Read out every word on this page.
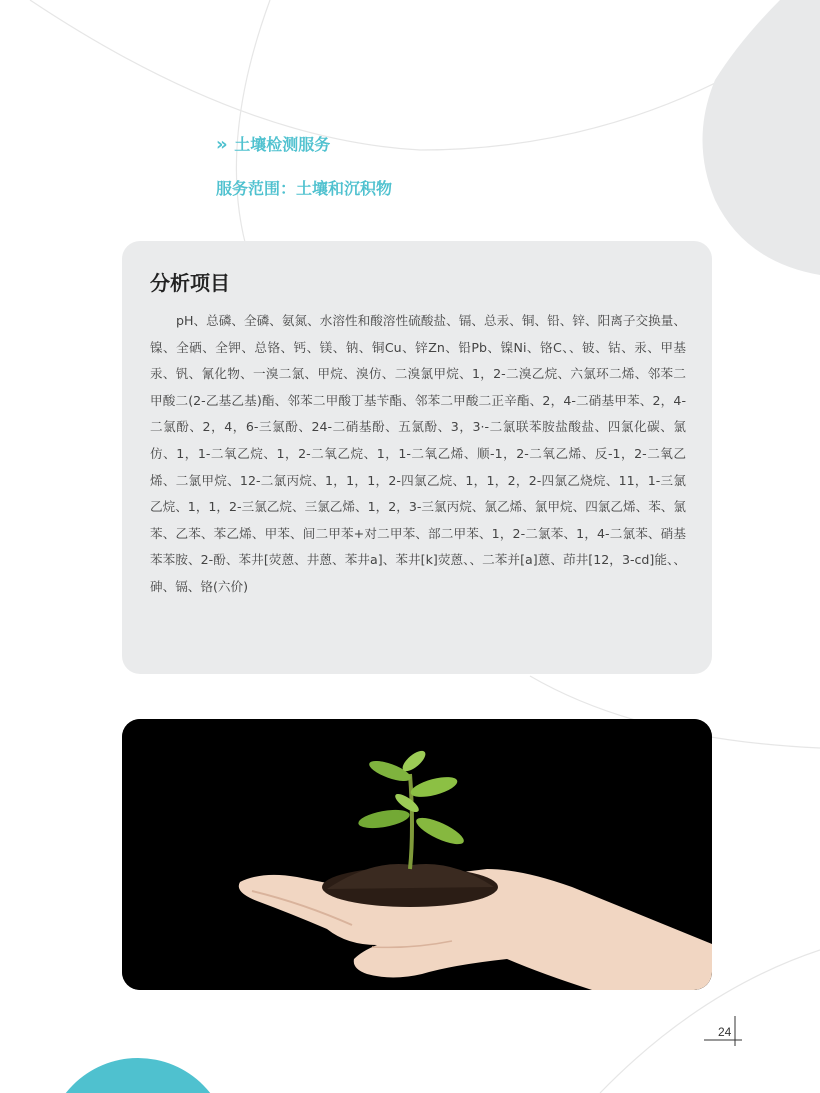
» 土壤检测服务
服务范围：土壤和沉积物
分析项目

pH、总磷、全磷、氨氮、水溶性和酸溶性硫酸盐、镉、总汞、铜、铅、锌、阳离子交换量、镍、全硒、全钾、总铬、钙、镁、钠、铜Cu、锌Zn、铅Pb、镍Ni、铬C、、铍、钴、汞、甲基汞、钒、氰化物、一溴二氯、甲烷、溴仿、二溴氯甲烷、1，2-二溴乙烷、六氯环二烯、邻苯二甲酸二(2-乙基乙基)酯、邻苯二甲酸丁基苄酯、邻苯二甲酸二正辛酯、2，4-二硝基甲苯、2，4-二氯酚、2，4，6-三氯酚、24-二硝基酚、五氯酚、3，3·-二氯联苯胺盐酸盐、四氯化碳、氯仿、1，1-二氧乙烷、1，2-二氧乙烷、1，1-二氧乙烯、顺-1，2-二氧乙烯、反-1，2-二氧乙烯、二氯甲烷、12-二氯丙烷、1，1，1，2-四氯乙烷、1，1，2，2-四氯乙烧烷、11，1-三氯乙烷、1，1，2-三氯乙烷、三氯乙烯、1，2，3-三氯丙烷、氯乙烯、氯甲烷、四氯乙烯、苯、氯苯、乙苯、苯乙烯、甲苯、间二甲苯+对二甲苯、部二甲苯、1，2-二氯苯、1，4-二氯苯、硝基苯苯胺、2-酚、苯井[荧蒽、井蒽、苯井a]、苯井[k]荧蒽、、二苯并[a]蒽、茚井[12，3-cd]能、、砷、镉、铬(六价)

24
